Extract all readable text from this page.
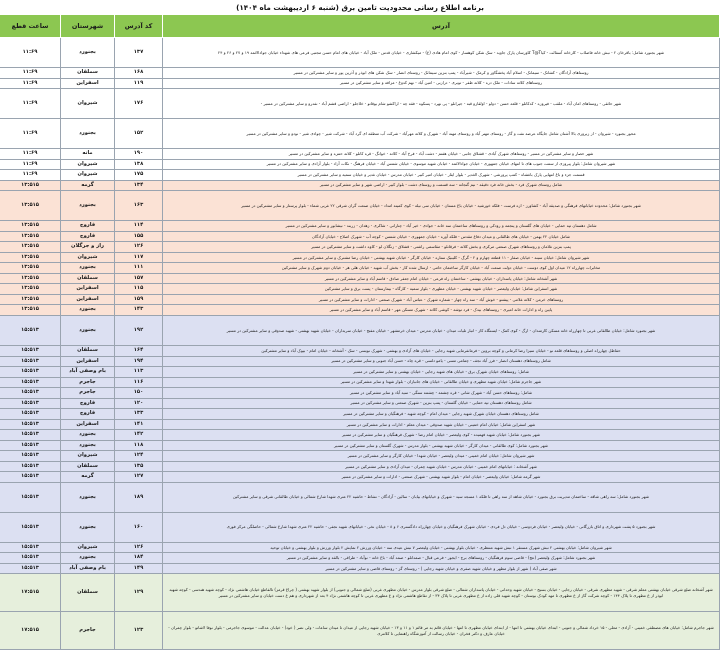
برنامه اطلاع رسانی محدودیت تامین برق (شنبه ۶ اردیبهشت ماه ۱۴۰۴)
آدرس	کد آدرس	شهرستان	ساعت قطع
شهر بجنورد شامل: باقرخان ۲ - نبش خانه فاضلاب - کارخانه آسفالت - کیاT@T کاورسان پارک جاوید - سک شکن کوهسار - کوی امام هادی (ع) - میکشاری - خیابان قدس - ملک آباد - خیابان های امام حسن مجتبی فرعی های شهداء خیابان جوادالائمه ۱۹ و ۲۷ و ۲۶ و ۲۴	۱۳۷	بجنورد	۱۱:۶۹
روستاهای آزادگان - کشانک - سیمانک - اسلام آباد پخشگاور و کرمک - شیرآباد - پمپ بنزین سیمانک - روستای انصار - سک شکن های ابوذر و آذرین پور و سایر مشترکین در مسیر	۱۶۸	سملقان	۱۱:۶۹
روستاهای کلاته سادات - ملک دره - کلاته ظفر - توبری - درازبی - امین آباد - نهم کدوغ - مزافه و سایر مشترکین در مسیر	۱۱۹	اسفراین	۱۱:۶۹
شهر حائقی - روستاهای امان آباد - ملقب - فیروزه - کدکانلو - قلعه حسن - دولو - اولقازو قبه - جیرانلو - پی نهرد - پسکوه - فقه چه - اراکشو شام بوقاتو - خلاجلو - اراضی قشم آباد - نفدرو و سایر مشترکین در مسیر -	۱۷۶	شیروان	۱۱:۶۹
محور بجنورد - شیروان - از زیروری بالا آشنان شامل جایگاه عرضه نفت و گاز - روستای مهتر آباد و روستای مهنه آباد - شهرک و کلاته مهرآباد - شرکت آب منطقه ای گرد آباد - شرکت شیر - چوادی شیر - نودو و سایر مشترکین در مسیر	۱۵۲	بجنورد	۱۱:۶۹
شهر حصار و سایر مشترکین در مسیر - روستاهای شهرک آبادی - قشلاق جانبی - خیابان هفتم - دشت آباد - فرخ آباد - کلاته - خوانگ - قره کانلو - کلاته حمزه و سایر مشترکین در مسیر	۱۹۰	مانه	۱۱:۶۹
شهر شیروان شامل: بلوار پیروزی از سمت جنوب های تا انتهای خیابان جمهوری - خیابان جوادالائمه - خیابان شهید موسوی - خیابان شمس آباد - خیابان فرهنگ - نکات آزاد - بلوار آزادی و سایر مشترکین در مسیر	۱۳۸	شیروان	۱۱:۶۹
قسمت جزء و باغ انتهایی پارک باغشاه - کمپ پرورشی - شهرک الغدیر - بلوار ایثار - خیابان امیر کبیر - خیابان مدرس - خیابان غدیر و خیابان سمیه و سایر مشترکین در مسیر	۱۷۵	شیروان	۱۱:۶۹
شامل روستای شهرک فرد - بخش خانه فرد دقیقه - نیم گنجانه - سه قسمت و روستای دشت - بلوار کبیر - اراضی شهر و سایر مشترکین در مسیر	۱۳۴	گرمه	۱۳:۵۱۵
شهر بجنورد شامل: محدوده خیابانهای فرهنگی و صدیقه آباد - کشاورز - ازه فرست - فلکه خورشید - خیابان باغ مستان - خیابان سی نیله - کوی کمیته امداد - خیابان صنعت گران شرقی ۲۲ غربی شماء - بلوار پرستار و سایر مشترکین در مسیر	۱۶۳	بجنورد	۱۳:۵۱۵
شامل دهستان تپه حمایی - خیابان های گلستان و پنجمه و رودکی و روستاهای ساختمان سه خانه - جوادی - خیر آباد - چنارانی - شاکری - زهدان - زربند - نیشابور و سایر مشترکین در مسیر	۱۱۴	فاروج	۱۳:۵۱۵
شامل خیابان ۲۲ بهمن - خیابان های طالقانی و میدان دفاع مقدس - فلکه آوره - خیابان جمهوری - خیابان شمس - کوچه آب - شهرک اصلاح - خیابان آزادگان	۱۵۵	فاروج	۱۳:۵۱۵
پمپ بنزین غلامان و روستاهای شهرک صنعتی مرکزی و بخش کلاته - فرقانلو - مقاسمی راشتی - قشلاق - زنگلان لو - کاوه داشت و سایر مشترکین در مسیر	۱۲۶	راز و جرگلان	۱۳:۵۱۵
شهر شیروان شامل: خیابان سینه - خیابان صفار - ۱۱ قطعه چهارم و ۲ - گرگ - کلینیک ستاره - خیابان کارگر - خیابان شهید بهشتی - خیابان رضا مشترک و سایر مشترکین در مسیر	۱۱۷	شیروان	۱۳:۵۱۵
مخابرات چهارراه ۱۲ میدان اول کوی دوست - خیابان دولت صنعت آباد - خیابان کارگر ساختمان حامی - ارسال شده کار - بخش آب شهید - خیابان هلی هر - خیابان دوم شهرک و سایر مشترکین	۱۱۱	بجنورد	۱۳:۵۱۵
شهر آشخانه شامل: خیابان پاسداران - خیابان بهشتی - ساختمان راه فرعی - خیابان امام جعفر صادق - قاسم آباد و سایر مشترکین در مسیر	۱۵۷	سملقان	۱۳:۵۱۵
شهر اسفراین شامل: خیابان ولیعصر - خیابان شهید بهشتی - خیابان مطهری - بلوار سمیه - کارگاه - بیمارستان - پست برق و سایر مشترکین	۱۱۵	اسفراین	۱۳:۵۱۵
روستاهای خرمن - کلاته غلامی - پیشتو - خوش آباد - سه راه چهار - شماره شهرک - عباس آباد - شهرک صنعتی - ادارات و سایر مشترکین در مسیر	۱۵۹	اسفراین	۱۳:۵۱۵
پایین راه و ادارات خانه امیری - روستاهای بیدک - فرد توشه - کوشی کلاته - شهرک مسکن مهر - قاسم آباد و سایر مشترکین در مسیر	۱۴۳	بجنورد	۱۳:۵۱۵
شهر بجنورد شامل: خیابان طالقانی غربی تا چهارراه خانه مسکن کارمندان - ارگ - کوی کمک - ایستگاه کاز - انبار تلیات میدان - خیابان مدرس - میدان خرمشهر - خیابان مفتح - خیابان سربداران - خیابان شهید بهشتی - شهید صدوقی و سایر مشترکین در مسیر	۱۹۲	بجنورد	۱۵:۵۱۳
حفاظل چهارراه اصلی و روستاهای قلعه نو - خیابان سیزا رضا کرمانی و کوچه بروین - فرمانفرمایی شهید رجایی - خیابان های آزادی و بهشتی - شهرک نویسی - سک - آشخانه - خیابان امام - بیوک آباد و سایر مشترکین	۱۶۴	سملقان	۱۵:۵۱۳
شامل روستاهای دهستان انصار - فرز آباد نجف - چمامی مسی - یامو دلسی - قره چاه - حسن آباد جنوبی و سایر مشترکین در مسیر	۱۹۴	اسفراین	۱۵:۵۱۳
شامل: روستاهای خیابان شهرک برق - خیابان های شهید رجایی - خیابان بهشتی و سایر مشترکین در مسیر	۱۱۳	بام وصفی آباد	۱۵:۵۱۳
شهر جاجرم شامل: خیابان شهید مطهری و خیابان طالقانی - خیابان های جانبازان - بلوار شهدا و سایر مشترکین در مسیر	۱۱۶	جاجرم	۱۵:۵۱۳
شامل: روستاهای حسن آباد - شهرک شانی - قره چشمه - چشمه سنگی - سید آباد و سایر مشترکین در مسیر	۱۵۰	جاجرم	۱۵:۵۱۳
شامل روستاهای دهستان تپه حمایی - خیابان گلستان - پمپ بنزین - شهرک صنعتی و سایر مشترکین در مسیر	۱۲۰	فاروج	۱۵:۵۱۳
شامل روستاهای دهستان خیابان شهرک شهید رجایی - میدان امام - کوچه شهید - فرهنگیان و سایر مشترکین در مسیر	۱۳۳	فاروج	۱۵:۵۱۳
شهر اسفراین شامل: خیابان امام خمینی - خیابان شهید صدوقی - میدان معلم - ادارات و سایر مشترکین در مسیر	۱۴۱	اسفراین	۱۵:۵۱۳
شهر بجنورد شامل: خیابان شهید فهمیده - کوی ولیعصر - خیابان امام رضا - شهرک فرهنگیان و سایر مشترکین در مسیر	۱۴۲	بجنورد	۱۵:۵۱۳
شهر بجنورد شامل: کوی طالقانی - میدان کارگر - خیابان شهید بهشتی - بلوار مدرس - شهرک گلستان و سایر مشترکین در مسیر	۱۱۸	بجنورد	۱۵:۵۱۳
شهر شیروان شامل: خیابان امام خمینی - میدان ولیعصر - خیابان شهدا - خیابان کارگر و سایر مشترکین در مسیر	۱۲۴	شیروان	۱۵:۵۱۳
شهر آشخانه : خیابانهای امام خمینی - خیابان مدرس - خیابان شهید چمران - میدان آزادی و سایر مشترکین در مسیر	۱۳۵	سملقان	۱۵:۵۱۳
شهر گرمه شامل: خیابان ولیعصر - خیابان امام - بلوار شهید بهشتی - شهرک صنعتی - ادارات و سایر مشترکین در مسیر	۱۲۷	گرمه	۱۵:۵۱۳
شهر بجنورد شامل: سه راهی شاقه - ساختمان مدیریت برق بجنورد - خیابان شاهد از سه راهی تا فلکه ۱ مسجد سید - شهرک و خیابانهای بیابان - سالین - آزادگان - نشاط - حاشیه ۲۲ متری شهدا شارع شمالی و خیابان طالقانی شرقی و سایر مشترکین	۱۸۹	بجنورد	۱۵:۵۱۳
شهر بجنورد ۵ پشت شهرداری و اتاق بازرگانی - خیابان ولیعصر - خیابان فردوسی - خیابان دل فردی - خیابان شهرک فرهنگیان و خیابان چهارراه دادگستری ۶ و ۸ - خیابان نخی - خیابانهای شهید نجفی - حاشیه ۲۲ متری شهدا شارع شمالی - حاصلگی مرکز فوری	۱۶۰	بجنورد	۱۵:۵۱۳
شهر شیروان شامل: خیابان بهشتی ۲ نبش شهرک مستقر ۱ نبش شهید منتظری - خیابان بلوار بهشتی - خیابان ولیعصر ۷ نبش عیدی سه - خیابان ورزش ۲ نمایش ۲ بلوار ورزش و بلوار بهشتی و خیابان توحید	۱۲۶	شیروان	۱۵:۵۱۳
شهر بجنورد شامل: شهرک ولیعصر (عج) - قاضی سوم فرهنگیان - روستاهای برج - ایجور - فرعی قبال - صمدانلو - صمد آباد - باغ خانه - نوآباد - طراقی - بالقه و سایر مشترکین در مسیر	۱۸۴	بجنورد	۱۵:۵۱۳
شهر صفی آباد ( شهر از بلوار مطهر و خیابان شهید صفری و خیابان شهید رجایی ) - روستای گز - روستای قاضی و سایر مشترکین در مسیر	۱۴۹	بام وصفی آباد	۱۵:۵۱۳
شهر آشخانه ضلع شرقی خیابان بهشتی معلم شرقی - شهید مطهری شرقی - خیابان رجایی - خیابان بسیج - خیابان شهید وحدانی - خیابان پاسداران شمالی - ضلع شرقی بلوار مدرس - خیابان مطهری غربی (ضلع شمالی و جنوبی) از بلوار شهید بهشتی ( چراغ قرمز) تالفاطع خیابان هاشمی نژاد - کوچه شهید هندسی - کوچه شهید ابوذر از ع مطهری تا پلاک ۱۴۴ - کوچه شرکت گاز از ع مطهری تا مهد کودک بوستان - کوچه شهید قلی زاده از ع مطهری غربی تا پلاک ۳۴ - از تقاطع هاشمی نژاد و ع مطهری غربی تا کوچه هاشمی نژاد ۴ بعد از شهرداری و هم ع دست خیابان و سایر مشترکین در مسیر	۱۲۹	سملقان	۱۷:۵۱۵
شهر جاجرم شامل: خیابان های مصطفی خمینی - آزادی - معلی - ۱۵ خرداد شمالی و جنوبی - ابتدای خیابان بهشتی تا انتها - از ابتدای خیابان مطهری تا انتها - خیابان قائم به مر قائم ۱ و ۱۱ و ۱۳ - خیابان شهید رجایی از میدان تا میدان ساعات - ولی نصر ( خود) - خیابان عدالت - موسوی جاجرمی - بلوار نوفا لاشاتو - بلوار چمران - خیابان عارف و دکتر فخران - خیابان رسالت از آموزشگاه راهنمایی تا کلانتری	۱۲۳	جاجرم	۱۷:۵۱۵
